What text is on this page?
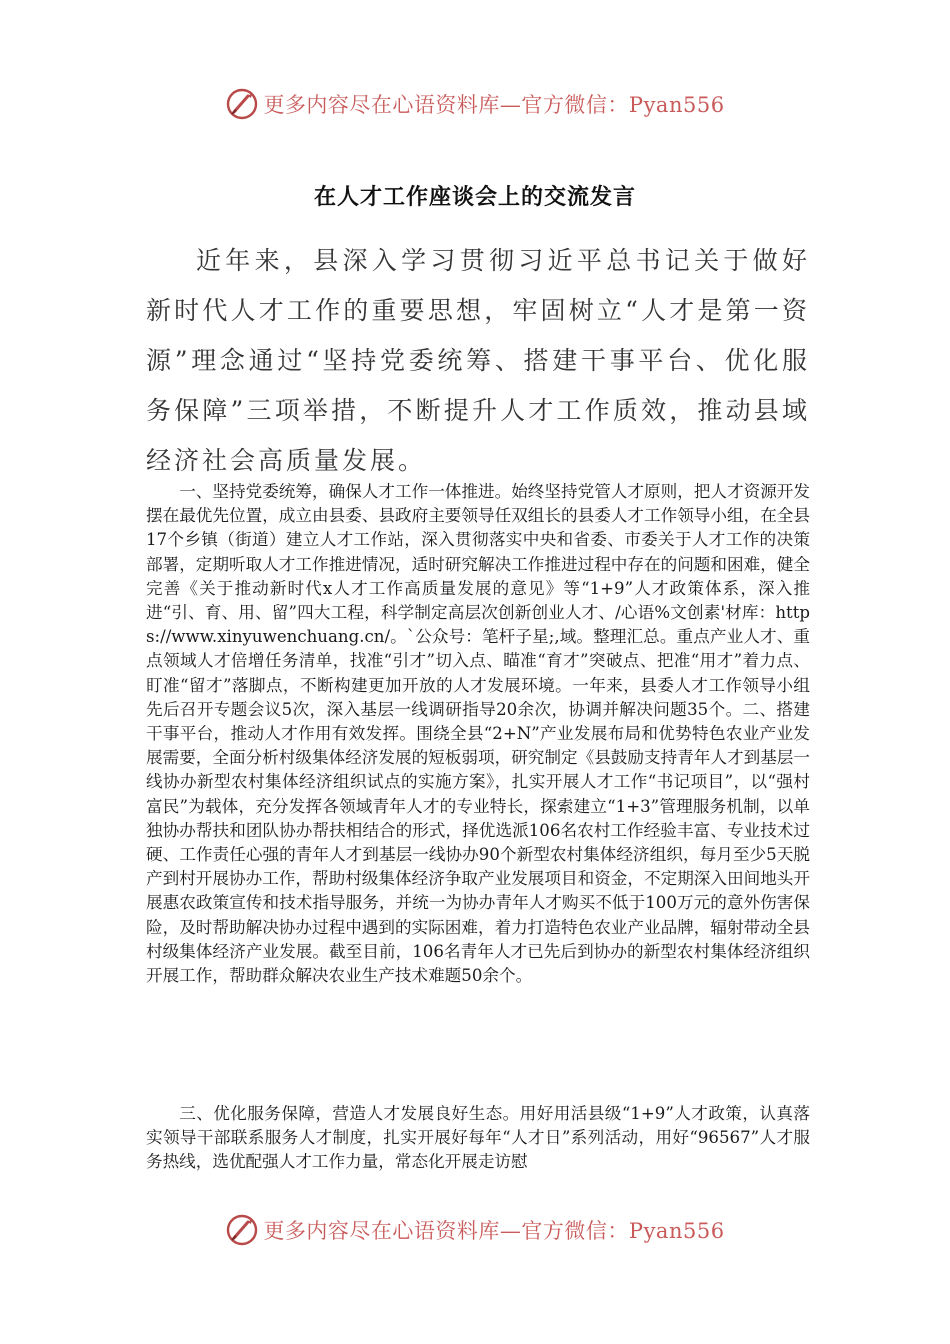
更多内容尽在心语资料库—官方微信：Pyan556
在人才工作座谈会上的交流发言

近年来，县深入学习贯彻习近平总书记关于做好新时代人才工作的重要思想，牢固树立“人才是第一资源”理念通过“坚持党委统筹、搭建干事平台、优化服务保障”三项举措，不断提升人才工作质效，推动县域经济社会高质量发展。

一、坚持党委统筹，确保人才工作一体推进。始终坚持党管人才原则，把人才资源开发摆在最优先位置，成立由县委、县政府主要领导任双组长的县委人才工作领导小组，在全县17个乡镇（街道）建立人才工作站，深入贯彻落实中央和省委、市委关于人才工作的决策部署，定期听取人才工作推进情况，适时研究解决工作推进过程中存在的问题和困难，健全完善《关于推动新时代x人才工作高质量发展的意见》等“1+9”人才政策体系，深入推进“引、育、用、留”四大工程，科学制定高层次创新创业人才、/心语%文创素'材库：https://www.xinyuwenchuang.cn/。`公众号：笔杆子星;,域。整理汇总。重点产业人才、重点领域人才倍增任务清单，找准“引才”切入点、瞄准“育才”突破点、把准“用才”着力点、盯准“留才”落脚点，不断构建更加开放的人才发展环境。一年来，县委人才工作领导小组先后召开专题会议5次，深入基层一线调研指导20余次，协调并解决问题35个。二、搭建干事平台，推动人才作用有效发挥。围绕全县“2+N”产业发展布局和优势特色农业产业发展需要，全面分析村级集体经济发展的短板弱项，研究制定《县鼓励支持青年人才到基层一线协办新型农村集体经济组织试点的实施方案》，扎实开展人才工作“书记项目”，以“强村富民”为载体，充分发挥各领域青年人才的专业特长，探索建立“1+3”管理服务机制，以单独协办帮扶和团队协办帮扶相结合的形式，择优选派106名农村工作经验丰富、专业技术过硬、工作责任心强的青年人才到基层一线协办90个新型农村集体经济组织，每月至少5天脱产到村开展协办工作，帮助村级集体经济争取产业发展项目和资金，不定期深入田间地头开展惠农政策宣传和技术指导服务，并统一为协办青年人才购买不低于100万元的意外伤害保险，及时帮助解决协办过程中遇到的实际困难，着力打造特色农业产业品牌，辐射带动全县村级集体经济产业发展。截至目前，106名青年人才已先后到协办的新型农村集体经济组织开展工作，帮助群众解决农业生产技术难题50余个。

三、优化服务保障，营造人才发展良好生态。用好用活县级“1+9”人才政策，认真落实领导干部联系服务人才制度，扎实开展好每年“人才日”系列活动，用好“96567”人才服务热线，选优配强人才工作力量，常态化开展走访慰

更多内容尽在心语资料库—官方微信：Pyan556
